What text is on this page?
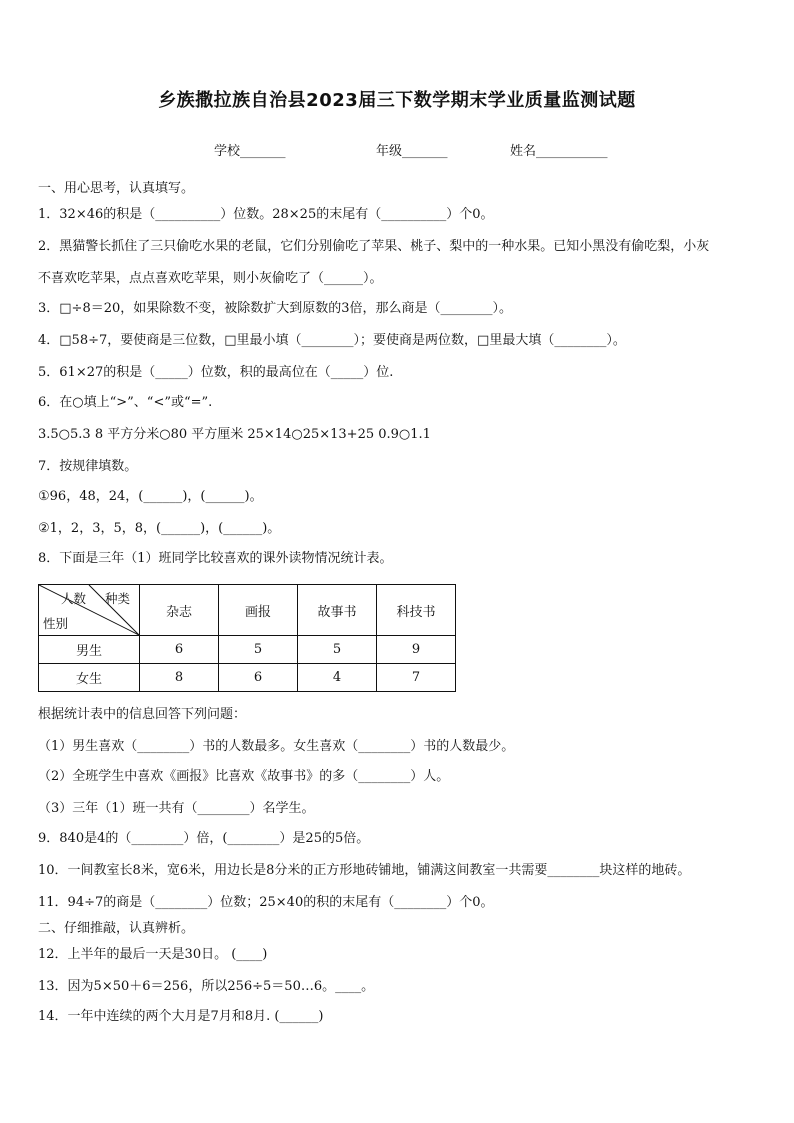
乡族撒拉族自治县2023届三下数学期末学业质量监测试题
学校_______	年级_______	姓名___________
一、用心思考，认真填写。
1．32×46的积是（__________）位数。28×25的末尾有（__________）个0。
2．黑猫警长抓住了三只偷吃水果的老鼠，它们分别偷吃了苹果、桃子、梨中的一种水果。已知小黑没有偷吃梨，小灰
不喜欢吃苹果，点点喜欢吃苹果，则小灰偷吃了（______）。
3．□÷8＝20，如果除数不变，被除数扩大到原数的3倍，那么商是（________）。
4．□58÷7，要使商是三位数，□里最小填（________）；要使商是两位数，□里最大填（________）。
5．61×27的积是（_____）位数，积的最高位在（_____）位.
6．在○填上“>”、“<”或“=”.
3.5○5.3 8 平方分米○80 平方厘米 25×14○25×13+25 0.9○1.1
7．按规律填数。
①96，48，24，(______)，(______)。
②1，2，3，5，8，(______)，(______)。
8．下面是三年（1）班同学比较喜欢的课外读物情况统计表。
种类
人数
性别	杂志	画报	故事书	科技书
男生	6	5	5	9
女生	8	6	4	7
根据统计表中的信息回答下列问题：
（1）男生喜欢（________）书的人数最多。女生喜欢（________）书的人数最少。
（2）全班学生中喜欢《画报》比喜欢《故事书》的多（________）人。
（3）三年（1）班一共有（________）名学生。
9．840是4的（________）倍，(________）是25的5倍。
10．一间教室长8米，宽6米，用边长是8分米的正方形地砖铺地，铺满这间教室一共需要________块这样的地砖。
11．94÷7的商是（________）位数；25×40的积的末尾有（________）个0。
二、仔细推敲，认真辨析。
12．上半年的最后一天是30日。 (____)
13．因为5×50＋6＝256，所以256÷5＝50…6。____。
14．一年中连续的两个大月是7月和8月. (______)
